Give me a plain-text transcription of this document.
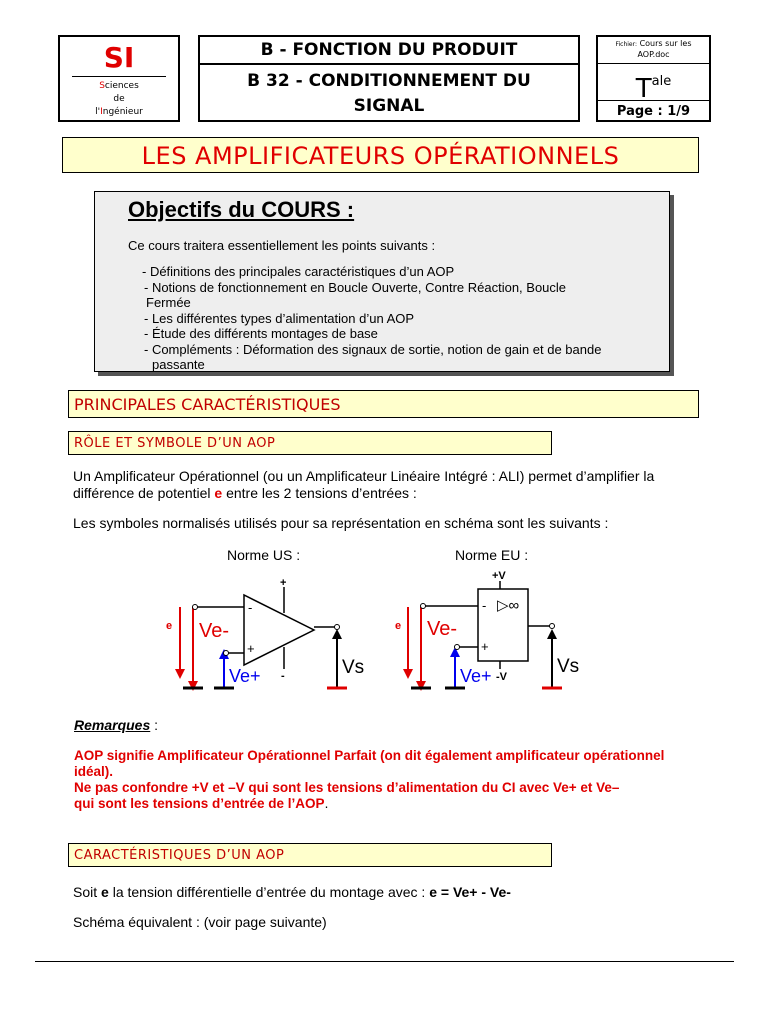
SI
Sciences
de
l'Ingénieur
B - FONCTION DU PRODUIT
B 32 - CONDITIONNEMENT DU
SIGNAL
Fichier: Cours sur les AOP.doc
$T^{ale}$
Page : 1/9
LES AMPLIFICATEURS OPÉRATIONNELS
Objectifs du COURS :
Ce cours traitera essentiellement les points suivants :
- Définitions des principales caractéristiques d’un AOP
- Notions de fonctionnement en Boucle Ouverte, Contre Réaction, Boucle
Fermée
- Les différentes types d’alimentation d’un AOP
- Étude des différents montages de base
- Compléments : Déformation des signaux de sortie, notion de gain et de bande
passante
PRINCIPALES CARACTÉRISTIQUES
RÔLE ET SYMBOLE D’UN AOP
Un Amplificateur Opérationnel (ou un Amplificateur Linéaire Intégré : ALI) permet d’amplifier la
différence de potentiel e entre les 2 tensions d’entrées :
Les symboles normalisés utilisés pour sa représentation en schéma sont les suivants :
Norme US :	Norme EU :
e Ve-
Ve+
-
+
+
-	Vs
e Ve-
Ve+
-
+
▷∞
+V
-V	Vs
Remarques :
AOP signifie Amplificateur Opérationnel Parfait (on dit également amplificateur opérationnel
idéal).
Ne pas confondre +V et –V qui sont les tensions d’alimentation du CI avec Ve+ et Ve–
qui sont les tensions d’entrée de l’AOP.
CARACTÉRISTIQUES D’UN AOP
Soit e la tension différentielle d’entrée du montage avec : e = Ve+ - Ve-
Schéma équivalent : (voir page suivante)
